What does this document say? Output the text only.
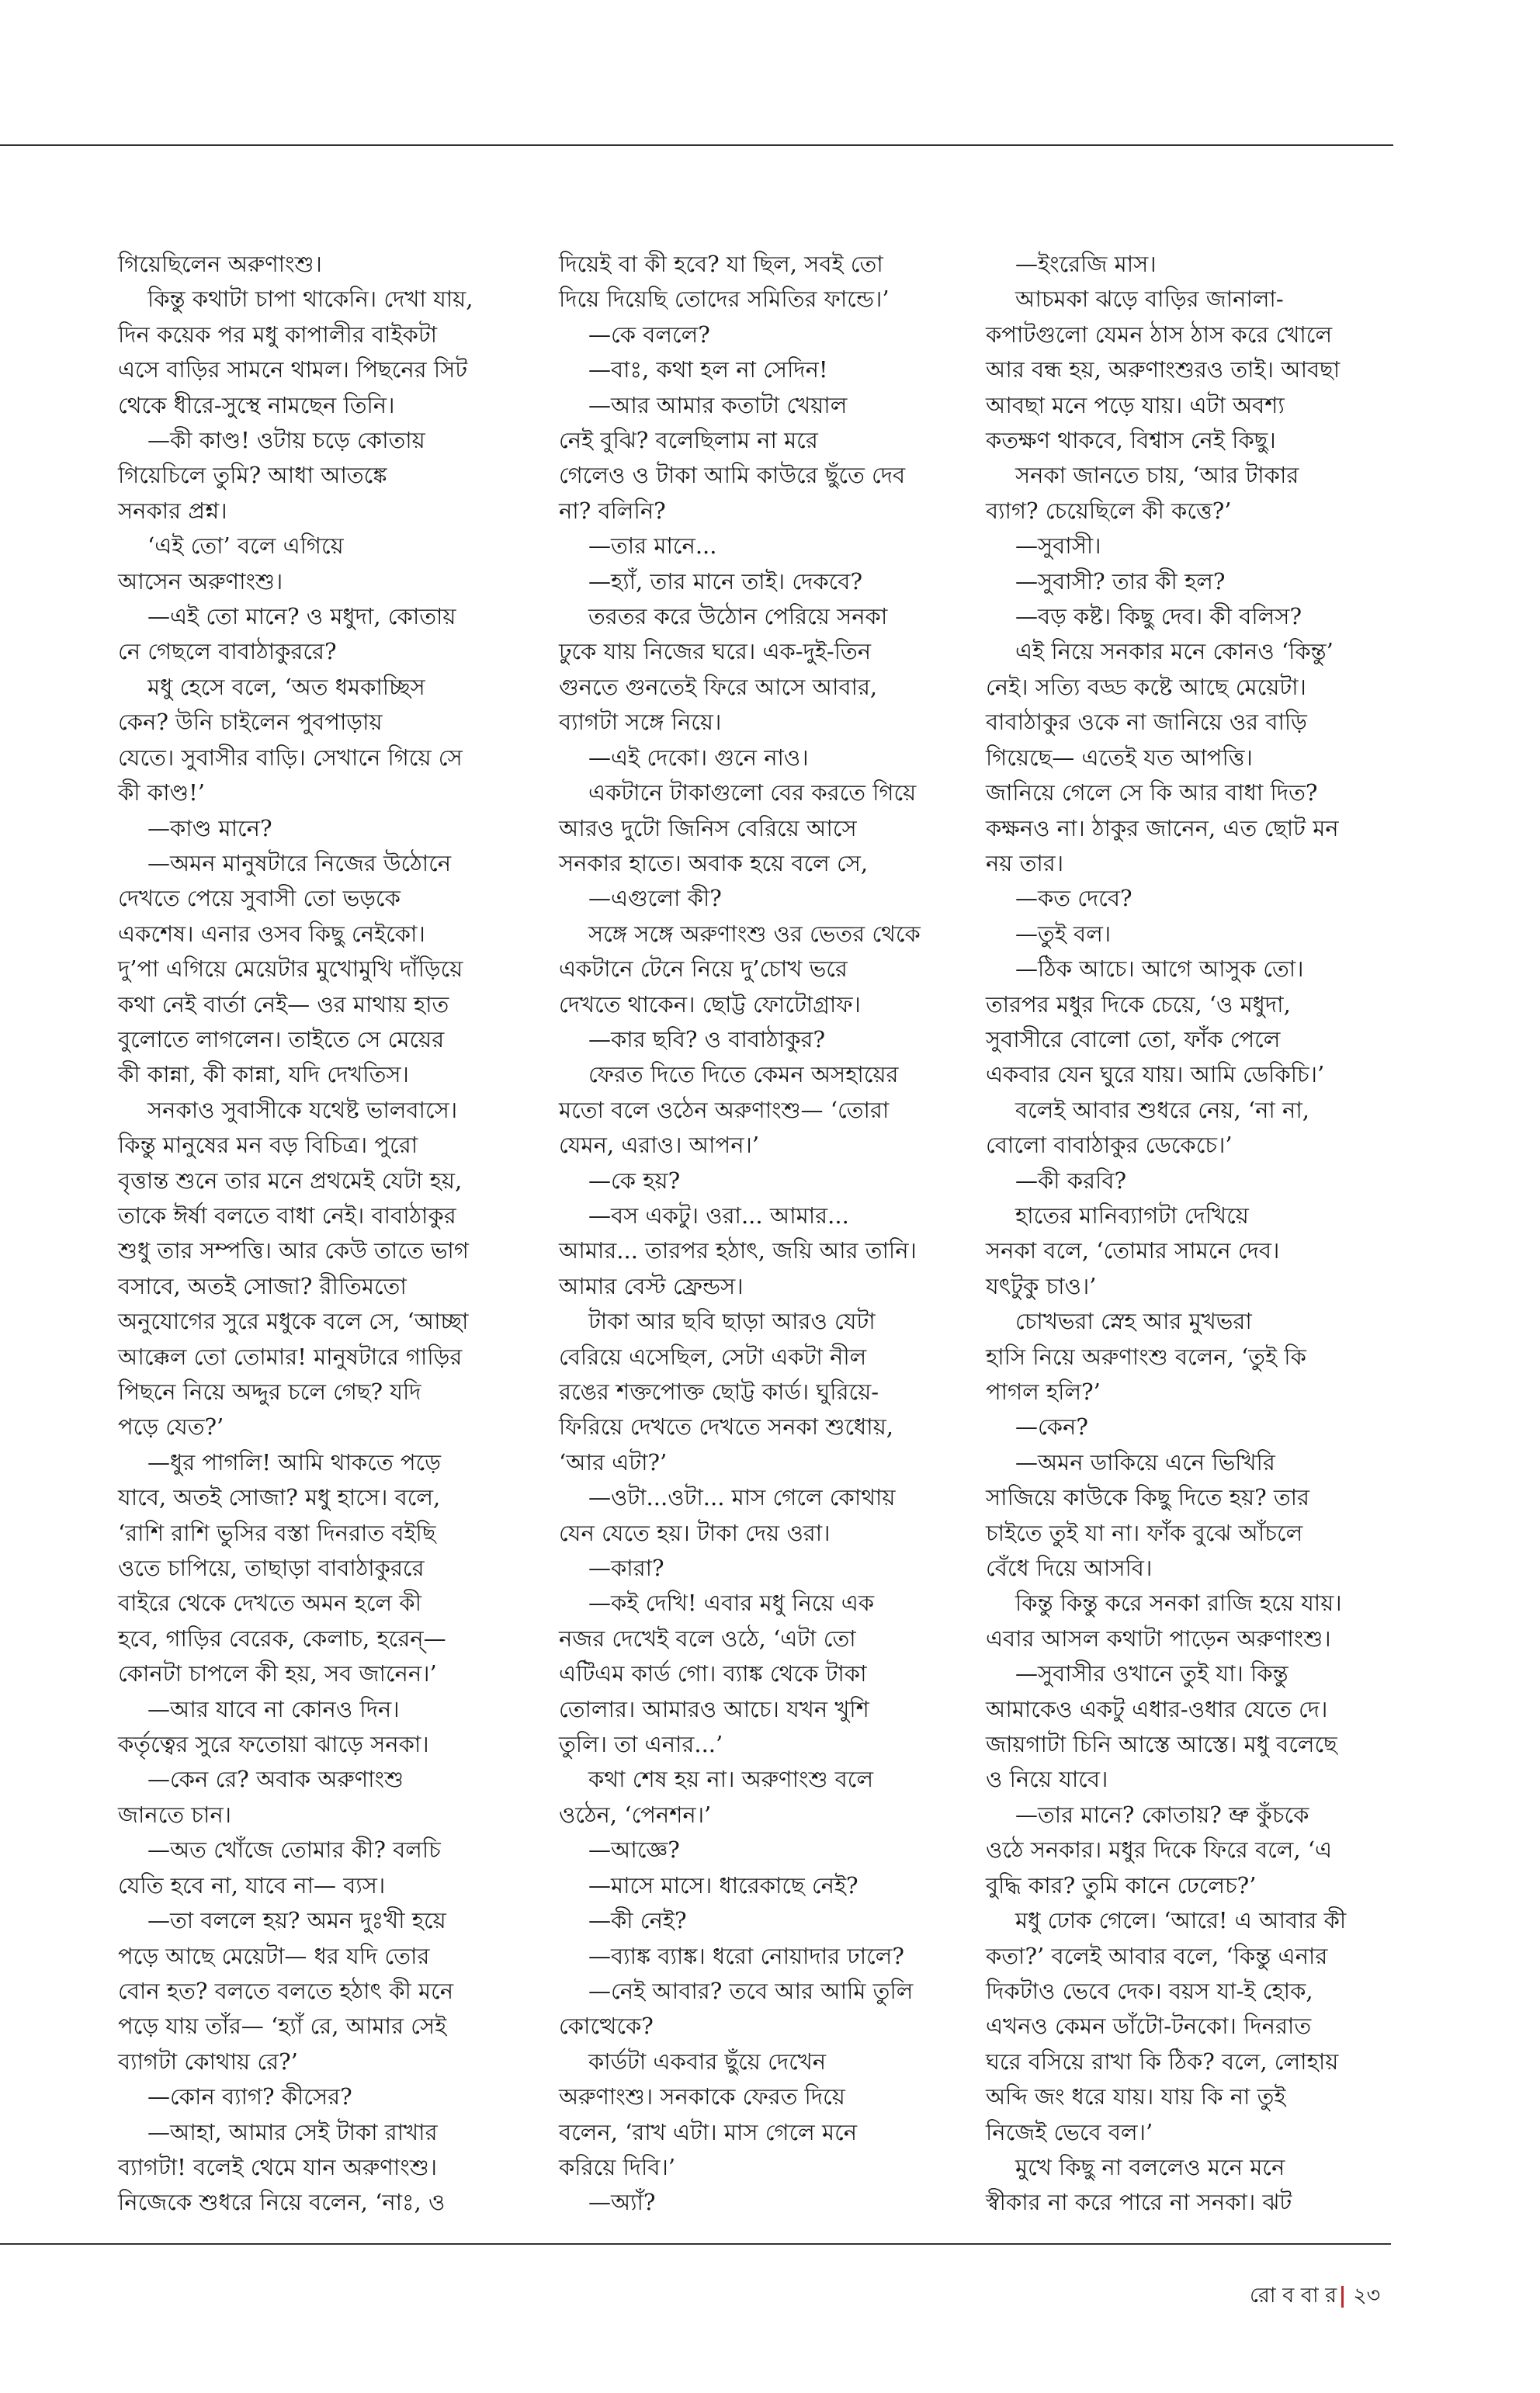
গিয়েছিলেন অরুণাংশু।

কিন্তু কথাটা চাপা থাকেনি। দেখা যায়,

দিন কয়েক পর মধু কাপালীর বাইকটা

এসে বাড়ির সামনে থামল। পিছনের সিট

থেকে ধীরে-সুস্থে নামছেন তিনি।

—কী কাণ্ড! ওটায় চড়ে কোতায়

গিয়েচিলে তুমি? আধা আতঙ্কে

সনকার প্রশ্ন।

‘এই তো’ বলে এগিয়ে

আসেন অরুণাংশু।

—এই তো মানে? ও মধুদা, কোতায়

নে গেছলে বাবাঠাকুররে?

মধু হেসে বলে, ‘অত ধমকাচ্ছিস

কেন? উনি চাইলেন পুবপাড়ায়

যেতে। সুবাসীর বাড়ি। সেখানে গিয়ে সে

কী কাণ্ড!’

—কাণ্ড মানে?

—অমন মানুষটারে নিজের উঠোনে

দেখতে পেয়ে সুবাসী তো ভড়কে

একশেষ। এনার ওসব কিছু নেইকো।

দু’পা এগিয়ে মেয়েটার মুখোমুখি দাঁড়িয়ে

কথা নেই বার্তা নেই— ওর মাথায় হাত

বুলোতে লাগলেন। তাইতে সে মেয়ের

কী কান্না, কী কান্না, যদি দেখতিস।

সনকাও সুবাসীকে যথেষ্ট ভালবাসে।

কিন্তু মানুষের মন বড় বিচিত্র। পুরো

বৃত্তান্ত শুনে তার মনে প্রথমেই যেটা হয়,

তাকে ঈর্ষা বলতে বাধা নেই। বাবাঠাকুর

শুধু তার সম্পত্তি। আর কেউ তাতে ভাগ

বসাবে, অতই সোজা? রীতিমতো

অনুযোগের সুরে মধুকে বলে সে, ‘আচ্ছা

আক্কেল তো তোমার! মানুষটারে গাড়ির

পিছনে নিয়ে অদ্দুর চলে গেছ? যদি

পড়ে যেত?’

—ধুর পাগলি! আমি থাকতে পড়ে

যাবে, অতই সোজা? মধু হাসে। বলে,

‘রাশি রাশি ভুসির বস্তা দিনরাত বইছি

ওতে চাপিয়ে, তাছাড়া বাবাঠাকুররে

বাইরে থেকে দেখতে অমন হলে কী

হবে, গাড়ির বেরেক, কেলাচ, হরেন্—

কোনটা চাপলে কী হয়, সব জানেন।’

—আর যাবে না কোনও দিন।

কর্তৃত্বের সুরে ফতোয়া ঝাড়ে সনকা।

—কেন রে? অবাক অরুণাংশু

জানতে চান।

—অত খোঁজে তোমার কী? বলচি

যেতি হবে না, যাবে না— ব্যস।

—তা বললে হয়? অমন দুঃখী হয়ে

পড়ে আছে মেয়েটা— ধর যদি তোর

বোন হত? বলতে বলতে হঠাৎ কী মনে

পড়ে যায় তাঁর— ‘হ্যাঁ রে, আমার সেই

ব্যাগটা কোথায় রে?’

—কোন ব্যাগ? কীসের?

—আহা, আমার সেই টাকা রাখার

ব্যাগটা! বলেই থেমে যান অরুণাংশু।

নিজেকে শুধরে নিয়ে বলেন, ‘নাঃ, ও

দিয়েই বা কী হবে? যা ছিল, সবই তো

দিয়ে দিয়েছি তোদের সমিতির ফান্ডে।’

—কে বললে?

—বাঃ, কথা হল না সেদিন!

—আর আমার কতাটা খেয়াল

নেই বুঝি? বলেছিলাম না মরে

গেলেও ও টাকা আমি কাউরে ছুঁতে দেব

না? বলিনি?

—তার মানে...

—হ্যাঁ, তার মানে তাই। দেকবে?

তরতর করে উঠোন পেরিয়ে সনকা

ঢুকে যায় নিজের ঘরে। এক-দুই-তিন

গুনতে গুনতেই ফিরে আসে আবার,

ব্যাগটা সঙ্গে নিয়ে।

—এই দেকো। গুনে নাও।

একটানে টাকাগুলো বের করতে গিয়ে

আরও দুটো জিনিস বেরিয়ে আসে

সনকার হাতে। অবাক হয়ে বলে সে,

—এগুলো কী?

সঙ্গে সঙ্গে অরুণাংশু ওর ভেতর থেকে

একটানে টেনে নিয়ে দু’চোখ ভরে

দেখতে থাকেন। ছোট্ট ফোটোগ্রাফ।

—কার ছবি? ও বাবাঠাকুর?

ফেরত দিতে দিতে কেমন অসহায়ের

মতো বলে ওঠেন অরুণাংশু— ‘তোরা

যেমন, এরাও। আপন।’

—কে হয়?

—বস একটু। ওরা... আমার...

আমার... তারপর হঠাৎ, জয়ি আর তানি।

আমার বেস্ট ফ্রেন্ডস।

টাকা আর ছবি ছাড়া আরও যেটা

বেরিয়ে এসেছিল, সেটা একটা নীল

রঙের শক্তপোক্ত ছোট্ট কার্ড। ঘুরিয়ে-

ফিরিয়ে দেখতে দেখতে সনকা শুধোয়,

‘আর এটা?’

—ওটা...ওটা... মাস গেলে কোথায়

যেন যেতে হয়। টাকা দেয় ওরা।

—কারা?

—কই দেখি! এবার মধু নিয়ে এক

নজর দেখেই বলে ওঠে, ‘এটা তো

এটিএম কার্ড গো। ব্যাঙ্ক থেকে টাকা

তোলার। আমারও আচে। যখন খুশি

তুলি। তা এনার...’

কথা শেষ হয় না। অরুণাংশু বলে

ওঠেন, ‘পেনশন।’

—আজ্ঞে?

—মাসে মাসে। ধারেকাছে নেই?

—কী নেই?

—ব্যাঙ্ক ব্যাঙ্ক। ধরো নোয়াদার ঢালে?

—নেই আবার? তবে আর আমি তুলি

কোত্থেকে?

কার্ডটা একবার ছুঁয়ে দেখেন

অরুণাংশু। সনকাকে ফেরত দিয়ে

বলেন, ‘রাখ এটা। মাস গেলে মনে

করিয়ে দিবি।’

—অ্যাঁ?

—ইংরেজি মাস।

আচমকা ঝড়ে বাড়ির জানালা-

কপাটগুলো যেমন ঠাস ঠাস করে খোলে

আর বন্ধ হয়, অরুণাংশুরও তাই। আবছা

আবছা মনে পড়ে যায়। এটা অবশ্য

কতক্ষণ থাকবে, বিশ্বাস নেই কিছু।

সনকা জানতে চায়, ‘আর টাকার

ব্যাগ? চেয়েছিলে কী কত্তে?’

—সুবাসী।

—সুবাসী? তার কী হল?

—বড় কষ্ট। কিছু দেব। কী বলিস?

এই নিয়ে সনকার মনে কোনও ‘কিন্তু’

নেই। সত্যি বড্ড কষ্টে আছে মেয়েটা।

বাবাঠাকুর ওকে না জানিয়ে ওর বাড়ি

গিয়েছে— এতেই যত আপত্তি।

জানিয়ে গেলে সে কি আর বাধা দিত?

কক্ষনও না। ঠাকুর জানেন, এত ছোট মন

নয় তার।

—কত দেবে?

—তুই বল।

—ঠিক আচে। আগে আসুক তো।

তারপর মধুর দিকে চেয়ে, ‘ও মধুদা,

সুবাসীরে বোলো তো, ফাঁক পেলে

একবার যেন ঘুরে যায়। আমি ডেকিচি।’

বলেই আবার শুধরে নেয়, ‘না না,

বোলো বাবাঠাকুর ডেকেচে।’

—কী করবি?

হাতের মানিব্যাগটা দেখিয়ে

সনকা বলে, ‘তোমার সামনে দেব।

যৎটুকু চাও।’

চোখভরা স্নেহ আর মুখভরা

হাসি নিয়ে অরুণাংশু বলেন, ‘তুই কি

পাগল হলি?’

—কেন?

—অমন ডাকিয়ে এনে ভিখিরি

সাজিয়ে কাউকে কিছু দিতে হয়? তার

চাইতে তুই যা না। ফাঁক বুঝে আঁচলে

বেঁধে দিয়ে আসবি।

কিন্তু কিন্তু করে সনকা রাজি হয়ে যায়।

এবার আসল কথাটা পাড়েন অরুণাংশু।

—সুবাসীর ওখানে তুই যা। কিন্তু

আমাকেও একটু এধার-ওধার যেতে দে।

জায়গাটা চিনি আস্তে আস্তে। মধু বলেছে

ও নিয়ে যাবে।

—তার মানে? কোতায়? ভ্রু কুঁচকে

ওঠে সনকার। মধুর দিকে ফিরে বলে, ‘এ

বুদ্ধি কার? তুমি কানে ঢেলেচ?’

মধু ঢোক গেলে। ‘আরে! এ আবার কী

কতা?’ বলেই আবার বলে, ‘কিন্তু এনার

দিকটাও ভেবে দেক। বয়স যা-ই হোক,

এখনও কেমন ডাঁটো-টনকো। দিনরাত

ঘরে বসিয়ে রাখা কি ঠিক? বলে, লোহায়

অব্দি জং ধরে যায়। যায় কি না তুই

নিজেই ভেবে বল।’

মুখে কিছু না বললেও মনে মনে

স্বীকার না করে পারে না সনকা। ঝট

রো ব বা র ২৩
